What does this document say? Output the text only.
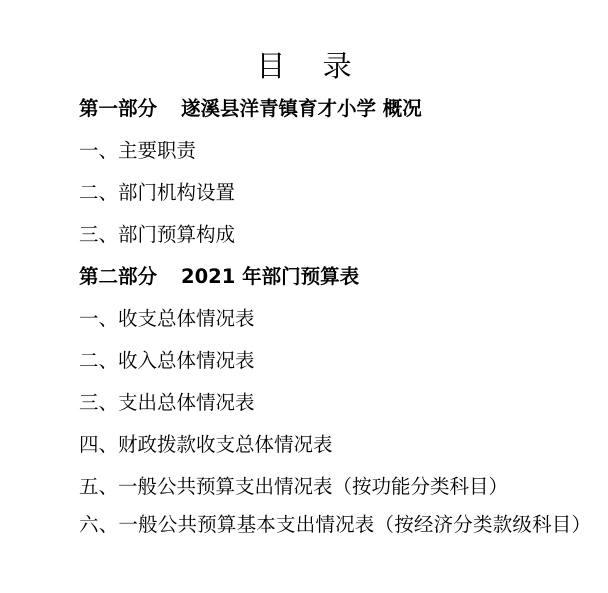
目 录

第一部分 遂溪县洋青镇育才小学 概况

一、主要职责

二、部门机构设置

三、部门预算构成

第二部分 2021 年部门预算表

一、收支总体情况表

二、收入总体情况表

三、支出总体情况表

四、财政拨款收支总体情况表

五、一般公共预算支出情况表（按功能分类科目）

六、一般公共预算基本支出情况表（按经济分类款级科目）
